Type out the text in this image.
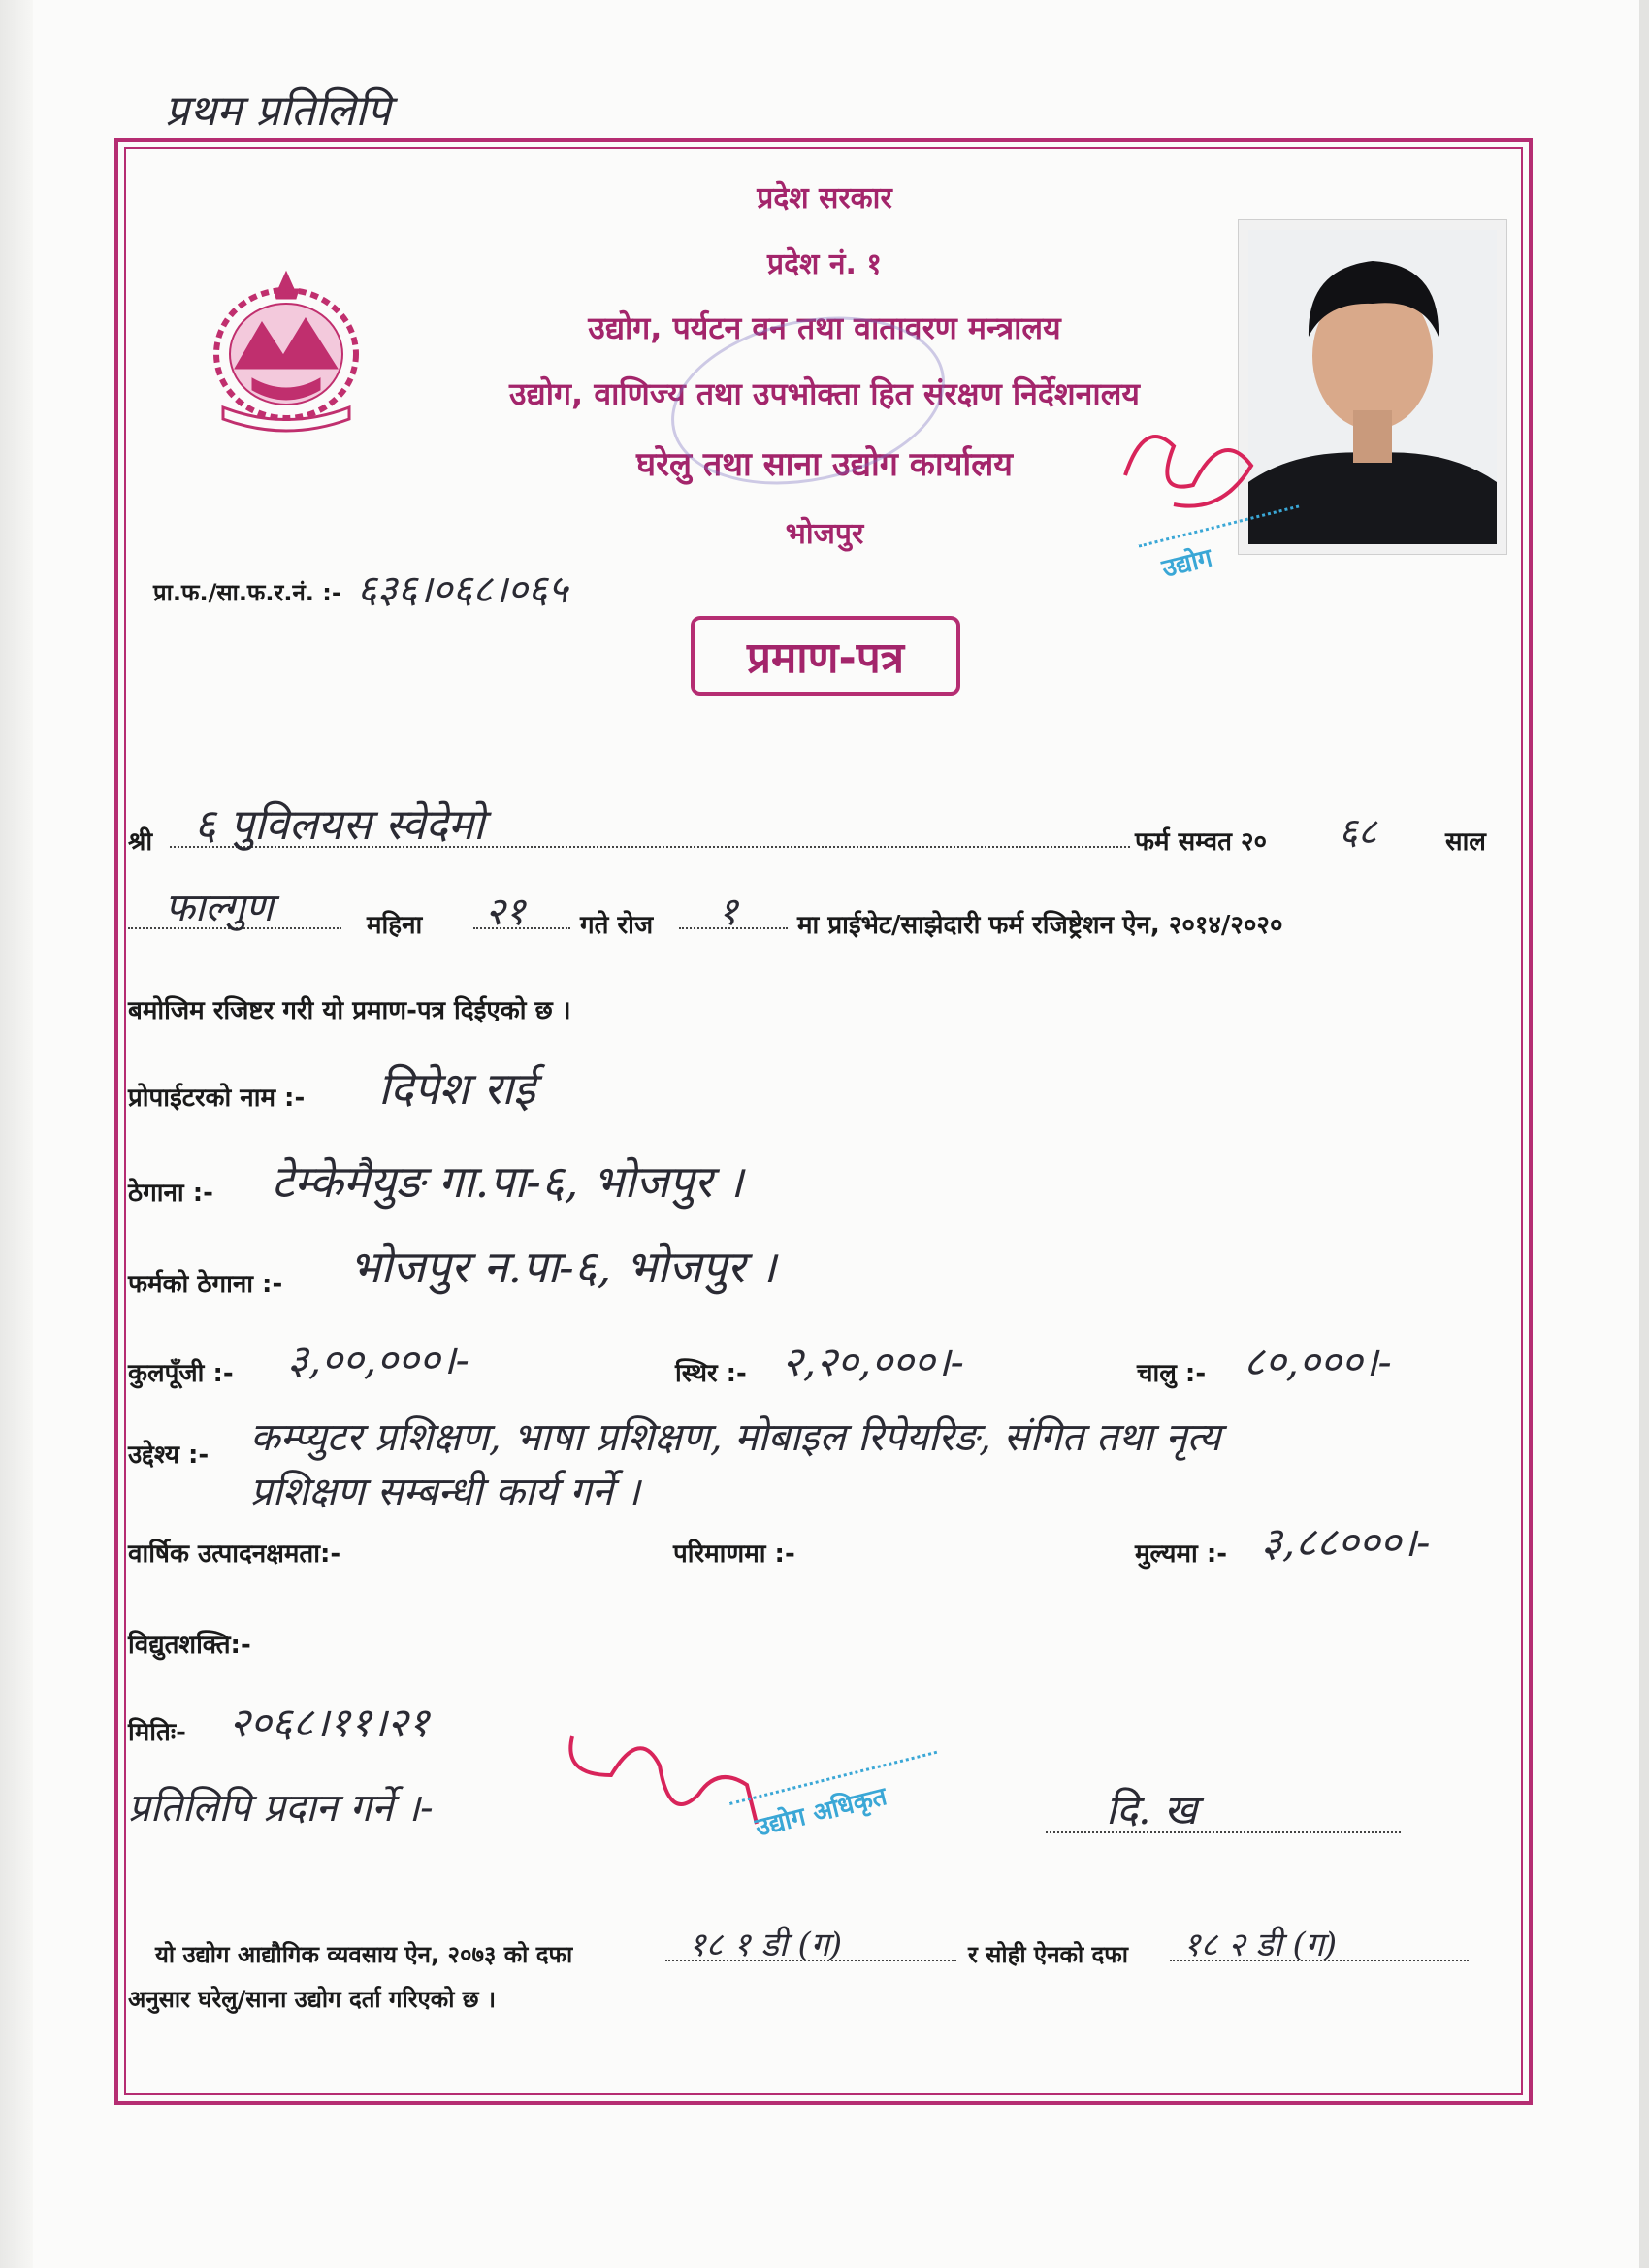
प्रथम प्रतिलिपि
प्रदेश सरकार
प्रदेश नं. १
उद्योग, पर्यटन वन तथा वातावरण मन्त्रालय
उद्योग, वाणिज्य तथा उपभोक्ता हित संरक्षण निर्देशनालय
घरेलु तथा साना उद्योग कार्यालय
भोजपुर
उद्योग
प्रा.फ./सा.फ.र.नं. :- ६३६।०६८।०६५
प्रमाण-पत्र
श्री ६ पुविलयस स्वेदेमो	फर्म सम्वत २० ६८	साल
फाल्गुण	महिना २१ गते रोज १ मा प्राईभेट/साझेदारी फर्म रजिष्ट्रेशन ऐन, २०१४/२०२०
बमोजिम रजिष्टर गरी यो प्रमाण-पत्र दिईएको छ ।
प्रोपाईटरको नाम :- दिपेश राई
ठेगाना :- टेम्केमैयुङ गा.पा-६, भोजपुर ।
फर्मको ठेगाना :- भोजपुर न.पा-६, भोजपुर ।
कुलपूँजी :- ३,००,०००।-	स्थिर :- २,२०,०००।-	चालु :- ८०,०००।-
उद्देश्य :- कम्प्युटर प्रशिक्षण, भाषा प्रशिक्षण, मोबाइल रिपेयरिङ, संगित तथा नृत्य
प्रशिक्षण सम्बन्धी कार्य गर्ने ।
वार्षिक उत्पादनक्षमता:-	परिमाणमा :-	मुल्यमा :- ३,८८०००।-
विद्युतशक्ति:-
मितिः- २०६८।११।२१
प्रतिलिपि प्रदान गर्ने ।-	उद्योग अधिकृत	दि. ख
यो उद्योग आद्यौगिक व्यवसाय ऐन, २०७३ को दफा	१८ १ डी (ग)	र सोही ऐनको दफा १८ २ डी (ग)
अनुसार घरेलु/साना उद्योग दर्ता गरिएको छ ।
